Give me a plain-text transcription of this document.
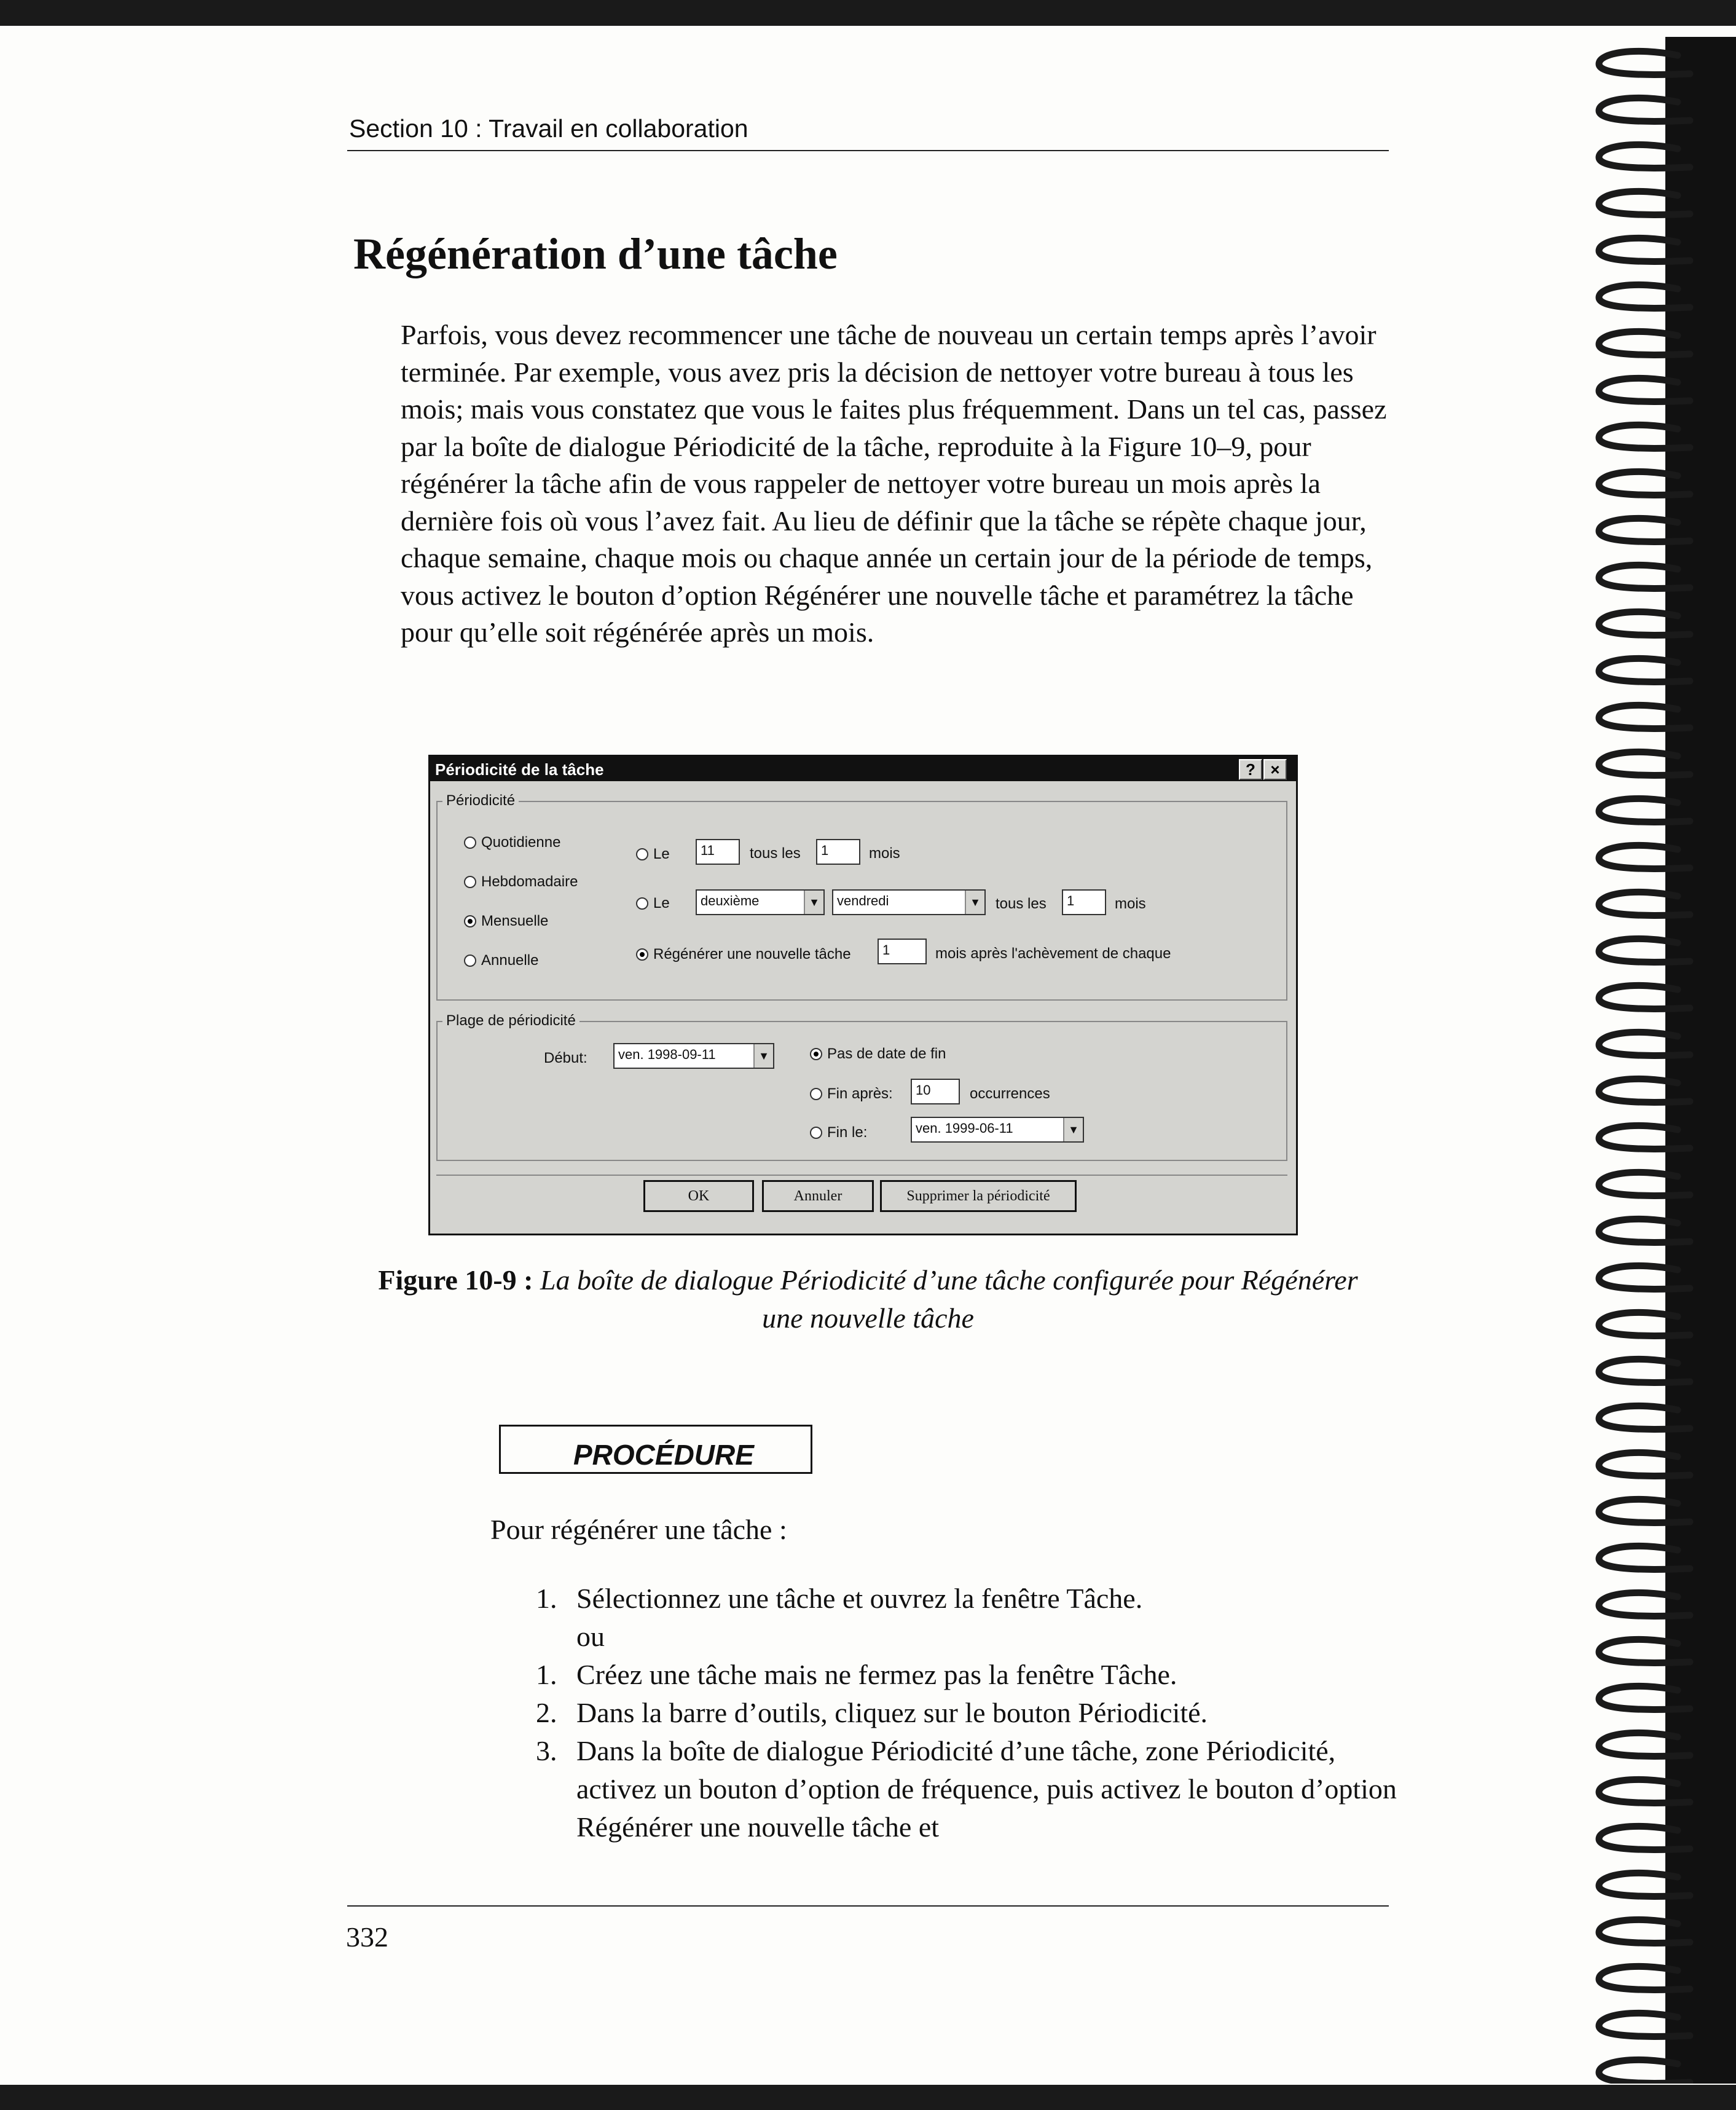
Section 10 : Travail en collaboration
Régénération d’une tâche

Parfois, vous devez recommencer une tâche de nouveau un certain temps après l’avoir terminée. Par exemple, vous avez pris la décision de nettoyer votre bureau à tous les mois; mais vous constatez que vous le faites plus fréquemment. Dans un tel cas, passez par la boîte de dialogue Périodicité de la tâche, reproduite à la Figure 10–9, pour régénérer la tâche afin de vous rappeler de nettoyer votre bureau un mois après la dernière fois où vous l’avez fait. Au lieu de définir que la tâche se répète chaque jour, chaque semaine, chaque mois ou chaque année un certain jour de la période de temps, vous activez le bouton d’option Régénérer une nouvelle tâche et paramétrez la tâche pour qu’elle soit régénérée après un mois.

Périodicité de la tâche	? ×
Périodicité
Quotidienne
Hebdomadaire
Mensuelle
Annuelle
Le	11	tous les	1	mois
Le	deuxième	▼	vendredi	▼ tous les	1	mois
Régénérer une nouvelle tâche	1	mois après l'achèvement de chaque
Plage de périodicité
Début:	ven. 1998-09-11	▼	Pas de date de fin
Fin après:	10	occurrences
Fin le:	ven. 1999-06-11	▼
OK	Annuler	Supprimer la périodicité

Figure 10-9 : La boîte de dialogue Périodicité d’une tâche configurée pour Régénérer une nouvelle tâche

PROCÉDURE
Pour régénérer une tâche :
1. Sélectionnez une tâche et ouvrez la fenêtre Tâche.
ou
1. Créez une tâche mais ne fermez pas la fenêtre Tâche.
2. Dans la barre d’outils, cliquez sur le bouton Périodicité.
3. Dans la boîte de dialogue Périodicité d’une tâche, zone Périodicité, activez un bouton d’option de fréquence, puis activez le bouton d’option Régénérer une nouvelle tâche et
332
